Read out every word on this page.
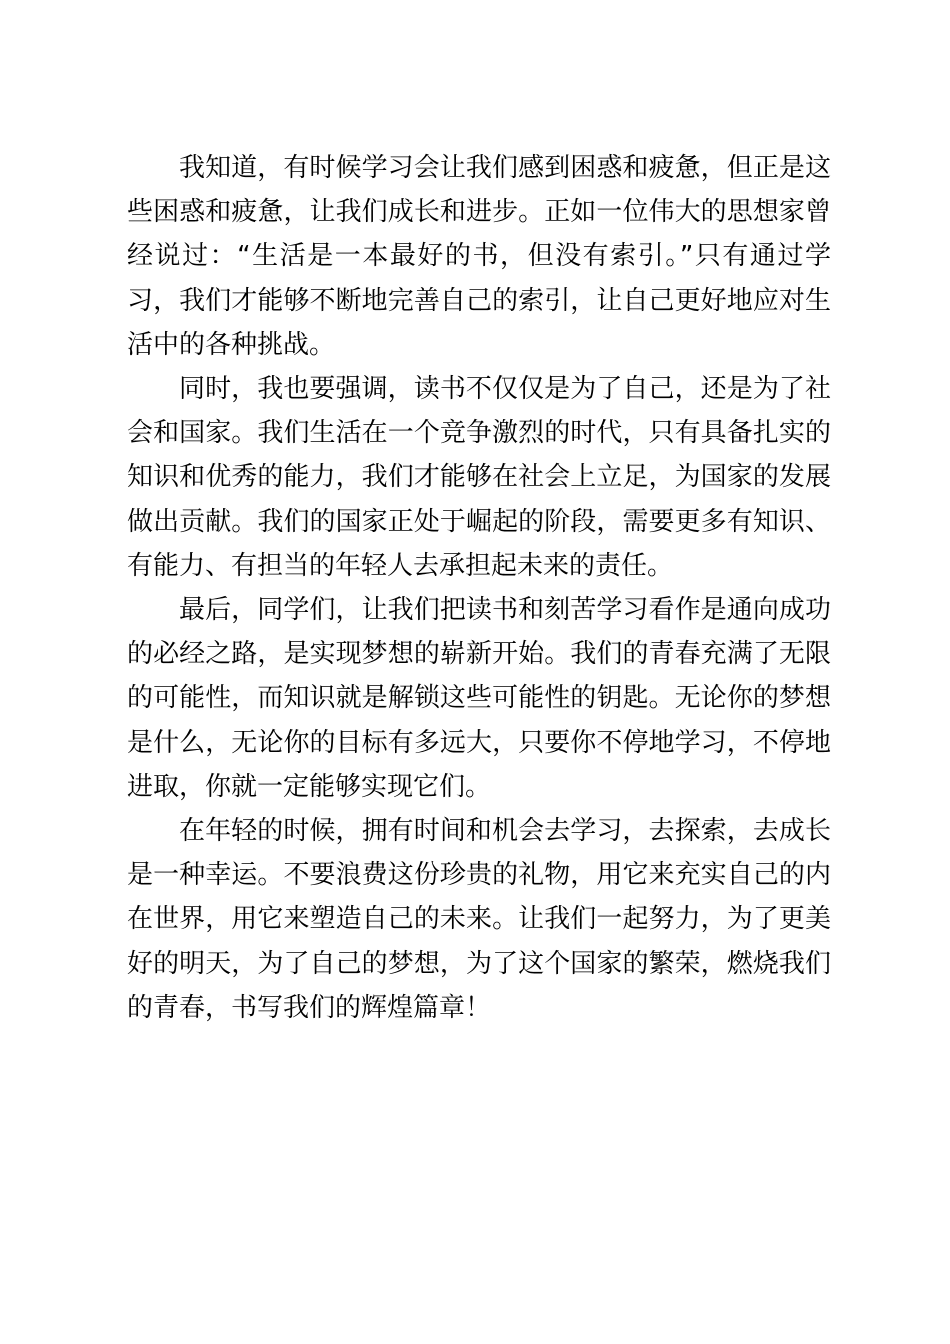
我知道，有时候学习会让我们感到困惑和疲惫，但正是这些困惑和疲惫，让我们成长和进步。正如一位伟大的思想家曾经说过：“生活是一本最好的书，但没有索引。”只有通过学习，我们才能够不断地完善自己的索引，让自己更好地应对生活中的各种挑战。

同时，我也要强调，读书不仅仅是为了自己，还是为了社会和国家。我们生活在一个竞争激烈的时代，只有具备扎实的知识和优秀的能力，我们才能够在社会上立足，为国家的发展做出贡献。我们的国家正处于崛起的阶段，需要更多有知识、有能力、有担当的年轻人去承担起未来的责任。

最后，同学们，让我们把读书和刻苦学习看作是通向成功的必经之路，是实现梦想的崭新开始。我们的青春充满了无限的可能性，而知识就是解锁这些可能性的钥匙。无论你的梦想是什么，无论你的目标有多远大，只要你不停地学习，不停地进取，你就一定能够实现它们。

在年轻的时候，拥有时间和机会去学习，去探索，去成长是一种幸运。不要浪费这份珍贵的礼物，用它来充实自己的内在世界，用它来塑造自己的未来。让我们一起努力，为了更美好的明天，为了自己的梦想，为了这个国家的繁荣，燃烧我们的青春，书写我们的辉煌篇章！
